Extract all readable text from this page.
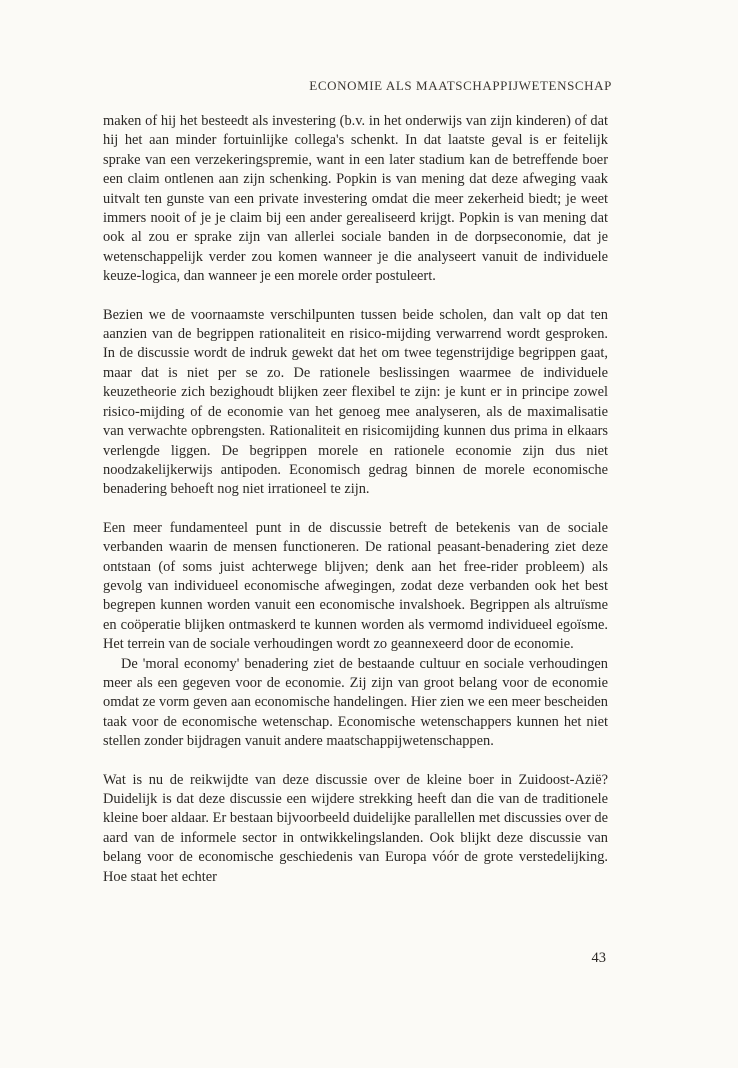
ECONOMIE ALS MAATSCHAPPIJWETENSCHAP

maken of hij het besteedt als investering (b.v. in het onderwijs van zijn kinderen) of dat hij het aan minder fortuinlijke collega's schenkt. In dat laatste geval is er feitelijk sprake van een verzekeringspremie, want in een later stadium kan de betreffende boer een claim ontlenen aan zijn schenking. Popkin is van mening dat deze afweging vaak uitvalt ten gunste van een private investering omdat die meer zekerheid biedt; je weet immers nooit of je je claim bij een ander gerealiseerd krijgt. Popkin is van mening dat ook al zou er sprake zijn van allerlei sociale banden in de dorpseconomie, dat je wetenschappelijk verder zou komen wanneer je die analyseert vanuit de individuele keuze-logica, dan wanneer je een morele order postuleert.

Bezien we de voornaamste verschilpunten tussen beide scholen, dan valt op dat ten aanzien van de begrippen rationaliteit en risico-mijding verwarrend wordt gesproken. In de discussie wordt de indruk gewekt dat het om twee tegenstrijdige begrippen gaat, maar dat is niet per se zo. De rationele beslissingen waarmee de individuele keuzetheorie zich bezighoudt blijken zeer flexibel te zijn: je kunt er in principe zowel risico-mijding of de economie van het genoeg mee analyseren, als de maximalisatie van verwachte opbrengsten. Rationaliteit en risicomijding kunnen dus prima in elkaars verlengde liggen. De begrippen morele en rationele economie zijn dus niet noodzakelijkerwijs antipoden. Economisch gedrag binnen de morele economische benadering behoeft nog niet irrationeel te zijn.

Een meer fundamenteel punt in de discussie betreft de betekenis van de sociale verbanden waarin de mensen functioneren. De rational peasant-benadering ziet deze ontstaan (of soms juist achterwege blijven; denk aan het free-rider probleem) als gevolg van individueel economische afwegingen, zodat deze verbanden ook het best begrepen kunnen worden vanuit een economische invalshoek. Begrippen als altruïsme en coöperatie blijken ontmaskerd te kunnen worden als vermomd individueel egoïsme. Het terrein van de sociale verhoudingen wordt zo geannexeerd door de economie.

De 'moral economy' benadering ziet de bestaande cultuur en sociale verhoudingen meer als een gegeven voor de economie. Zij zijn van groot belang voor de economie omdat ze vorm geven aan economische handelingen. Hier zien we een meer bescheiden taak voor de economische wetenschap. Economische wetenschappers kunnen het niet stellen zonder bijdragen vanuit andere maatschappijwetenschappen.

Wat is nu de reikwijdte van deze discussie over de kleine boer in Zuidoost-Azië? Duidelijk is dat deze discussie een wijdere strekking heeft dan die van de traditionele kleine boer aldaar. Er bestaan bijvoorbeeld duidelijke parallellen met discussies over de aard van de informele sector in ontwikkelingslanden. Ook blijkt deze discussie van belang voor de economische geschiedenis van Europa vóór de grote verstedelijking. Hoe staat het echter

43
